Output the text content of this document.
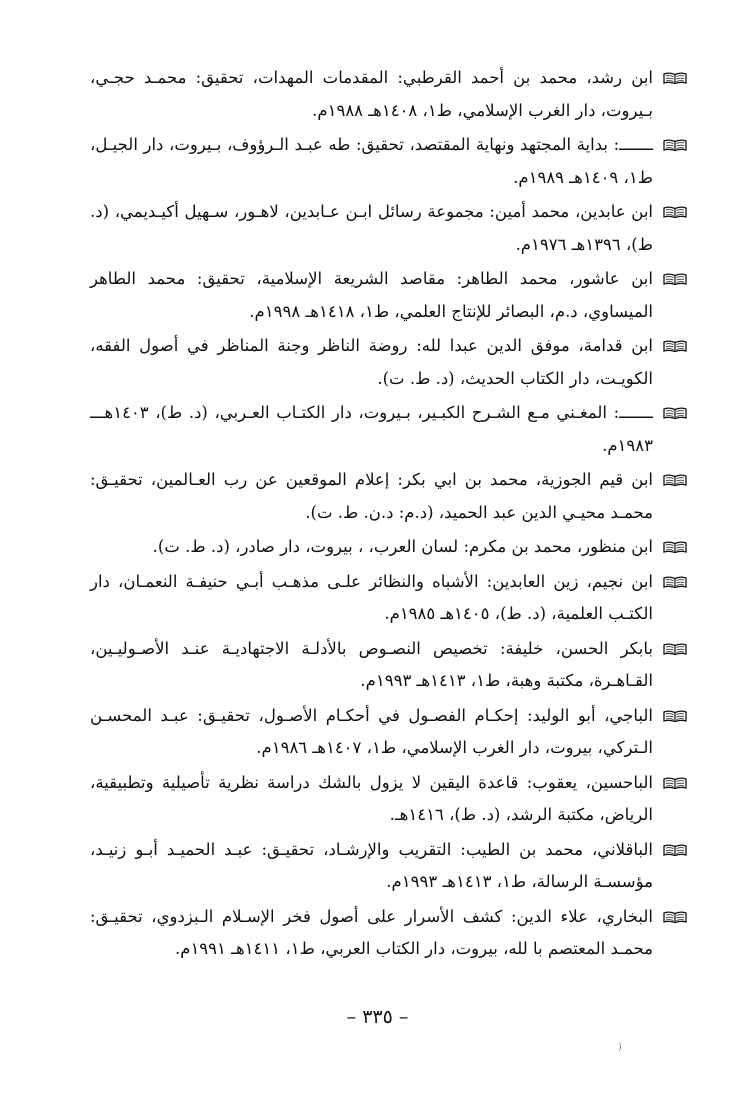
ابن رشد، محمد بن أحمد القرطبي: المقدمات المهدات، تحقيق: محمـد حجـي، بـيروت، دار الغرب الإسلامي، ط۱، ۱٤۰۸هـ ۱۹۸۸م.
ـــــــ: بداية المجتهد ونهاية المقتصد، تحقيق: طه عبـد الـرؤوف، بـيروت، دار الجيـل، ط۱، ۱٤۰۹هـ ۱۹۸۹م.
ابن عابدين، محمد أمين: مجموعة رسائل ابـن عـابدين، لاهـور، سـهيل أكيـديمي، (د. ط)، ۱۳۹٦هـ ۱۹۷٦م.
ابن عاشور، محمد الطاهر: مقاصد الشريعة الإسلامية، تحقيق: محمد الطاهر الميساوي، د.م، البصائر للإنتاج العلمي، ط۱، ۱٤۱۸هـ ۱۹۹۸م.
ابن قدامة، موفق الدين عبدا لله: روضة الناظر وجنة المناظر في أصول الفقه، الكويـت، دار الكتاب الحديث، (د. ط. ت).
ـــــــ: المغـني مـع الشـرح الكبـير، بـيروت، دار الكتـاب العـربي، (د. ط)، ۱٤۰۳هـــ ۱۹۸۳م.
ابن قيم الجوزية، محمد بن ابي بكر: إعلام الموقعين عن رب العـالمين، تحقيـق: محمـد محيـي الدين عبد الحميد، (د.م: د.ن. ط. ت).
ابن منظور، محمد بن مكرم: لسان العرب، ، بيروت، دار صادر، (د. ط. ت).
ابن نجيم، زين العابدين: الأشباه والنظائر علـى مذهـب أبـي حنيفـة النعمـان، دار الكتـب العلمية، (د. ط)، ۱٤۰٥هـ ۱۹۸٥م.
بابكر الحسن، خليفة: تخصيص النصـوص بالأدلـة الاجتهاديـة عنـد الأصـوليـين، القـاهـرة، مكتبة وهبة، ط۱، ۱٤۱۳هـ ۱۹۹۳م.
الباجي، أبو الوليد: إحكـام الفصـول في أحكـام الأصـول، تحقيـق: عبـد المحسـن الـتركي، بيروت، دار الغرب الإسلامي، ط۱، ۱٤۰۷هـ ۱۹۸٦م.
الباحسين، يعقوب: قاعدة اليقين لا يزول بالشك دراسة نظرية تأصيلية وتطبيقية، الرياض، مكتبة الرشد، (د. ط)، ۱٤۱٦هـ.
الباقلاني، محمد بن الطيب: التقريب والإرشـاد، تحقيـق: عبـد الحميـد أبـو زنيـد، مؤسسـة الرسالة، ط۱، ۱٤۱۳هـ ۱۹۹۳م.
البخاري، علاء الدين: كشف الأسرار على أصول فخر الإسـلام الـبزدوي، تحقيـق: محمـد المعتصم با لله، بيروت، دار الكتاب العربي، ط۱، ۱٤۱۱هـ ۱۹۹۱م.
– ۳۳٥ –
)
